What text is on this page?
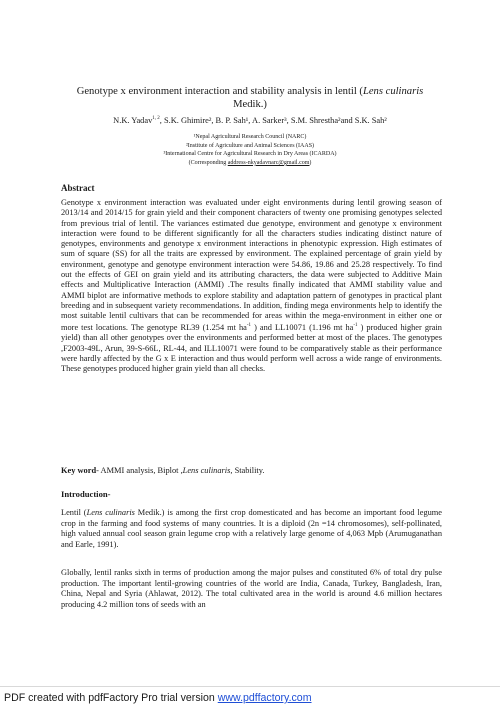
Genotype x environment interaction and stability analysis in lentil (Lens culinaris Medik.)
N.K. Yadav$^{1, 2}$, S.K. Ghimire², B. P. Sah¹, A. Sarker³, S.M. Shrestha²and S.K. Sah²
¹Nepal Agricultural Research Council (NARC)
²Institute of Agriculture and Animal Sciences (IAAS)
³International Centre for Agricultural Research in Dry Areas (ICARDA)
(Corresponding address-nkyadavnarc@gmail.com)
Abstract

Genotype x environment interaction was evaluated under eight environments during lentil growing season of 2013/14 and 2014/15 for grain yield and their component characters of twenty one promising genotypes selected from previous trial of lentil. The variances estimated due genotype, environment and genotype x environment interaction were found to be different significantly for all the characters studies indicating distinct nature of genotypes, environments and genotype x environment interactions in phenotypic expression. High estimates of sum of square (SS) for all the traits are expressed by environment. The explained percentage of grain yield by environment, genotype and genotype environment interaction were 54.86, 19.86 and 25.28 respectively. To find out the effects of GEI on grain yield and its attributing characters, the data were subjected to Additive Main effects and Multiplicative Interaction (AMMI) .The results finally indicated that AMMI stability value and AMMI biplot are informative methods to explore stability and adaptation pattern of genotypes in practical plant breeding and in subsequent variety recommendations. In addition, finding mega environments help to identify the most suitable lentil cultivars that can be recommended for areas within the mega-environment in either one or more test locations. The genotype RL39 (1.254 mt $ha^{-1}$ ) and LL10071 (1.196 mt $ha^{-1}$ ) produced higher grain yield) than all other genotypes over the environments and performed better at most of the places. The genotypes ,F2003-49L, Arun, 39-S-66L, RL-44, and ILL10071 were found to be comparatively stable as their performance were hardly affected by the G x E interaction and thus would perform well across a wide range of environments. These genotypes produced higher grain yield than all checks.

Key word- AMMI analysis, Biplot ,Lens culinaris, Stability.
Introduction-

Lentil (Lens culinaris Medik.) is among the first crop domesticated and has become an important food legume crop in the farming and food systems of many countries. It is a diploid (2n =14 chromosomes), self-pollinated, high valued annual cool season grain legume crop with a relatively large genome of 4,063 Mpb (Arumuganathan and Earle, 1991).

Globally, lentil ranks sixth in terms of production among the major pulses and constituted 6% of total dry pulse production. The important lentil-growing countries of the world are India, Canada, Turkey, Bangladesh, Iran, China, Nepal and Syria (Ahlawat, 2012). The total cultivated area in the world is around 4.6 million hectares producing 4.2 million tons of seeds with an

PDF created with pdfFactory Pro trial version www.pdffactory.com
